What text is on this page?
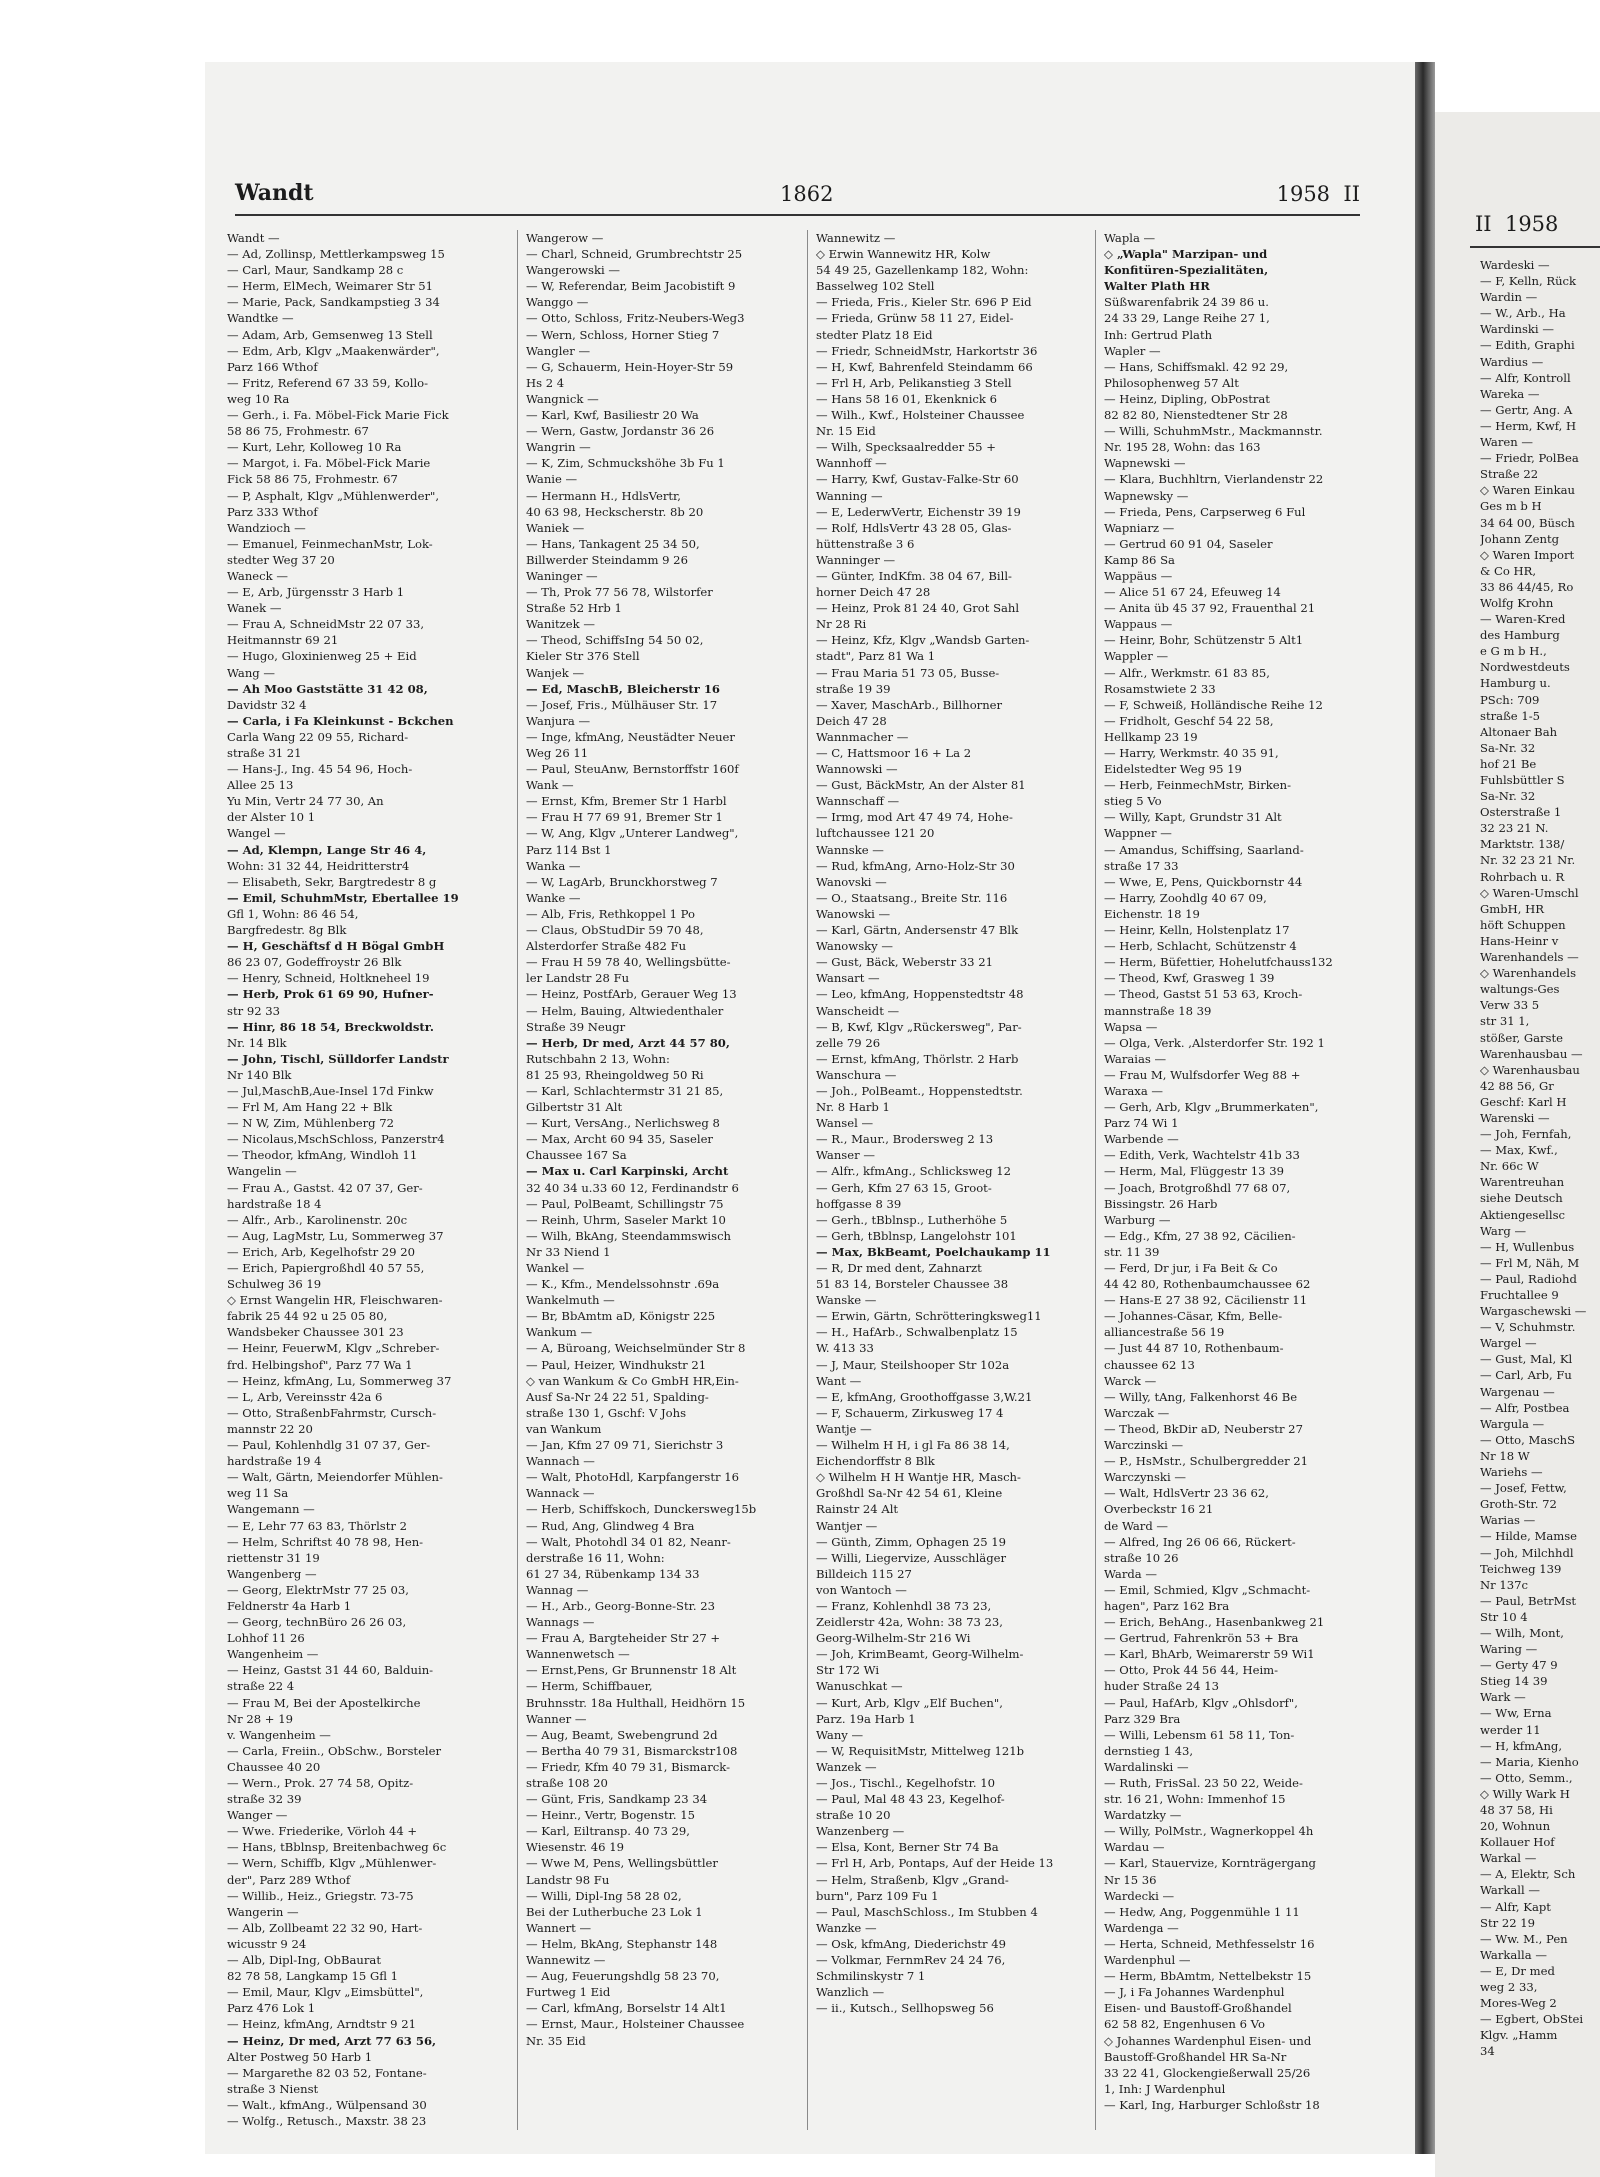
Wandt	1862	1958 II
Wandt —
— Ad, Zollinsp, Mettlerkampsweg 15
— Carl, Maur, Sandkamp 28 c
— Herm, ElMech, Weimarer Str 51
— Marie, Pack, Sandkampstieg 3 34
Wandtke —
— Adam, Arb, Gemsenweg 13 Stell
— Edm, Arb, Klgv „Maakenwärder",
Parz 166 Wthof
— Fritz, Referend 67 33 59, Kollo-
weg 10 Ra
— Gerh., i. Fa. Möbel-Fick Marie Fick
58 86 75, Frohmestr. 67
— Kurt, Lehr, Kolloweg 10 Ra
— Margot, i. Fa. Möbel-Fick Marie
Fick 58 86 75, Frohmestr. 67
— P, Asphalt, Klgv „Mühlenwerder",
Parz 333 Wthof
Wandzioch —
— Emanuel, FeinmechanMstr, Lok-
stedter Weg 37 20
Waneck —
— E, Arb, Jürgensstr 3 Harb 1
Wanek —
— Frau A, SchneidMstr 22 07 33,
Heitmannstr 69 21
— Hugo, Gloxinienweg 25 + Eid
Wang —
— Ah Moo Gaststätte 31 42 08,
Davidstr 32 4
— Carla, i Fa Kleinkunst - Bckchen
Carla Wang 22 09 55, Richard-
straße 31 21
— Hans-J., Ing. 45 54 96, Hoch-
Allee 25 13
Yu Min, Vertr 24 77 30, An
der Alster 10 1
Wangel —
— Ad, Klempn, Lange Str 46 4,
Wohn: 31 32 44, Heidritterstr4
— Elisabeth, Sekr, Bargtredestr 8 g
— Emil, SchuhmMstr, Ebertallee 19
Gfl 1, Wohn: 86 46 54,
Bargfredestr. 8g Blk
— H, Geschäftsf d H Bögal GmbH
86 23 07, Godeffroystr 26 Blk
— Henry, Schneid, Holtkneheel 19
— Herb, Prok 61 69 90, Hufner-
str 92 33
— Hinr, 86 18 54, Breckwoldstr.
Nr. 14 Blk
— John, Tischl, Sülldorfer Landstr
Nr 140 Blk
— Jul,MaschB,Aue-Insel 17d Finkw
— Frl M, Am Hang 22 + Blk
— N W, Zim, Mühlenberg 72
— Nicolaus,MschSchloss, Panzerstr4
— Theodor, kfmAng, Windloh 11
Wangelin —
— Frau A., Gastst. 42 07 37, Ger-
hardstraße 18 4
— Alfr., Arb., Karolinenstr. 20c
— Aug, LagMstr, Lu, Sommerweg 37
— Erich, Arb, Kegelhofstr 29 20
— Erich, Papiergroßhdl 40 57 55,
Schulweg 36 19
◇ Ernst Wangelin HR, Fleischwaren-
fabrik 25 44 92 u 25 05 80,
Wandsbeker Chaussee 301 23
— Heinr, FeuerwM, Klgv „Schreber-
frd. Helbingshof", Parz 77 Wa 1
— Heinz, kfmAng, Lu, Sommerweg 37
— L, Arb, Vereinsstr 42a 6
— Otto, StraßenbFahrmstr, Cursch-
mannstr 22 20
— Paul, Kohlenhdlg 31 07 37, Ger-
hardstraße 19 4
— Walt, Gärtn, Meiendorfer Mühlen-
weg 11 Sa
Wangemann —
— E, Lehr 77 63 83, Thörlstr 2
— Helm, Schriftst 40 78 98, Hen-
riettenstr 31 19
Wangenberg —
— Georg, ElektrMstr 77 25 03,
Feldnerstr 4a Harb 1
— Georg, technBüro 26 26 03,
Lohhof 11 26
Wangenheim —
— Heinz, Gastst 31 44 60, Balduin-
straße 22 4
— Frau M, Bei der Apostelkirche
Nr 28 + 19
v. Wangenheim —
— Carla, Freiin., ObSchw., Borsteler
Chaussee 40 20
— Wern., Prok. 27 74 58, Opitz-
straße 32 39
Wanger —
— Wwe. Friederike, Vörloh 44 +
— Hans, tBblnsp, Breitenbachweg 6c
— Wern, Schiffb, Klgv „Mühlenwer-
der", Parz 289 Wthof
— Willib., Heiz., Griegstr. 73-75
Wangerin —
— Alb, Zollbeamt 22 32 90, Hart-
wicusstr 9 24
— Alb, Dipl-Ing, ObBaurat
82 78 58, Langkamp 15 Gfl 1
— Emil, Maur, Klgv „Eimsbüttel",
Parz 476 Lok 1
— Heinz, kfmAng, Arndtstr 9 21
— Heinz, Dr med, Arzt 77 63 56,
Alter Postweg 50 Harb 1
— Margarethe 82 03 52, Fontane-
straße 3 Nienst
— Walt., kfmAng., Wülpensand 30
— Wolfg., Retusch., Maxstr. 38 23
Wangerow —
— Charl, Schneid, Grumbrechtstr 25
Wangerowski —
— W, Referendar, Beim Jacobistift 9
Wanggo —
— Otto, Schloss, Fritz-Neubers-Weg3
— Wern, Schloss, Horner Stieg 7
Wangler —
— G, Schauerm, Hein-Hoyer-Str 59
Hs 2 4
Wangnick —
— Karl, Kwf, Basiliestr 20 Wa
— Wern, Gastw, Jordanstr 36 26
Wangrin —
— K, Zim, Schmuckshöhe 3b Fu 1
Wanie —
— Hermann H., HdlsVertr,
40 63 98, Heckscherstr. 8b 20
Waniek —
— Hans, Tankagent 25 34 50,
Billwerder Steindamm 9 26
Waninger —
— Th, Prok 77 56 78, Wilstorfer
Straße 52 Hrb 1
Wanitzek —
— Theod, SchiffsIng 54 50 02,
Kieler Str 376 Stell
Wanjek —
— Ed, MaschB, Bleicherstr 16
— Josef, Fris., Mülhäuser Str. 17
Wanjura —
— Inge, kfmAng, Neustädter Neuer
Weg 26 11
— Paul, SteuAnw, Bernstorffstr 160f
Wank —
— Ernst, Kfm, Bremer Str 1 Harbl
— Frau H 77 69 91, Bremer Str 1
— W, Ang, Klgv „Unterer Landweg",
Parz 114 Bst 1
Wanka —
— W, LagArb, Brunckhorstweg 7
Wanke —
— Alb, Fris, Rethkoppel 1 Po
— Claus, ObStudDir 59 70 48,
Alsterdorfer Straße 482 Fu
— Frau H 59 78 40, Wellingsbütte-
ler Landstr 28 Fu
— Heinz, PostfArb, Gerauer Weg 13
— Helm, Bauing, Altwiedenthaler
Straße 39 Neugr
— Herb, Dr med, Arzt 44 57 80,
Rutschbahn 2 13, Wohn:
81 25 93, Rheingoldweg 50 Ri
— Karl, Schlachtermstr 31 21 85,
Gilbertstr 31 Alt
— Kurt, VersAng., Nerlichsweg 8
— Max, Archt 60 94 35, Saseler
Chaussee 167 Sa
— Max u. Carl Karpinski, Archt
32 40 34 u.33 60 12, Ferdinandstr 6
— Paul, PolBeamt, Schillingstr 75
— Reinh, Uhrm, Saseler Markt 10
— Wilh, BkAng, Steendammswisch
Nr 33 Niend 1
Wankel —
— K., Kfm., Mendelssohnstr .69a
Wankelmuth —
— Br, BbAmtm aD, Königstr 225
Wankum —
— A, Büroang, Weichselmünder Str 8
— Paul, Heizer, Windhukstr 21
◇ van Wankum & Co GmbH HR,Ein-
Ausf Sa-Nr 24 22 51, Spalding-
straße 130 1, Gschf: V Johs
van Wankum
— Jan, Kfm 27 09 71, Sierichstr 3
Wannach —
— Walt, PhotoHdl, Karpfangerstr 16
Wannack —
— Herb, Schiffskoch, Dunckersweg15b
— Rud, Ang, Glindweg 4 Bra
— Walt, Photohdl 34 01 82, Neanr-
derstraße 16 11, Wohn:
61 27 34, Rübenkamp 134 33
Wannag —
— H., Arb., Georg-Bonne-Str. 23
Wannags —
— Frau A, Bargteheider Str 27 +
Wannenwetsch —
— Ernst,Pens, Gr Brunnenstr 18 Alt
— Herm, Schiffbauer,
Bruhnsstr. 18a Hulthall, Heidhörn 15
Wanner —
— Aug, Beamt, Swebengrund 2d
— Bertha 40 79 31, Bismarckstr108
— Friedr, Kfm 40 79 31, Bismarck-
straße 108 20
— Günt, Fris, Sandkamp 23 34
— Heinr., Vertr, Bogenstr. 15
— Karl, Eiltransp. 40 73 29,
Wiesenstr. 46 19
— Wwe M, Pens, Wellingsbüttler
Landstr 98 Fu
— Willi, Dipl-Ing 58 28 02,
Bei der Lutherbuche 23 Lok 1
Wannert —
— Helm, BkAng, Stephanstr 148
Wannewitz —
— Aug, Feuerungshdlg 58 23 70,
Furtweg 1 Eid
— Carl, kfmAng, Borselstr 14 Alt1
— Ernst, Maur., Holsteiner Chaussee
Nr. 35 Eid
Wannewitz —
◇ Erwin Wannewitz HR, Kolw
54 49 25, Gazellenkamp 182, Wohn:
Basselweg 102 Stell
— Frieda, Fris., Kieler Str. 696 P Eid
— Frieda, Grünw 58 11 27, Eidel-
stedter Platz 18 Eid
— Friedr, SchneidMstr, Harkortstr 36
— H, Kwf, Bahrenfeld Steindamm 66
— Frl H, Arb, Pelikanstieg 3 Stell
— Hans 58 16 01, Ekenknick 6
— Wilh., Kwf., Holsteiner Chaussee
Nr. 15 Eid
— Wilh, Specksaalredder 55 +
Wannhoff —
— Harry, Kwf, Gustav-Falke-Str 60
Wanning —
— E, LederwVertr, Eichenstr 39 19
— Rolf, HdlsVertr 43 28 05, Glas-
hüttenstraße 3 6
Wanninger —
— Günter, IndKfm. 38 04 67, Bill-
horner Deich 47 28
— Heinz, Prok 81 24 40, Grot Sahl
Nr 28 Ri
— Heinz, Kfz, Klgv „Wandsb Garten-
stadt", Parz 81 Wa 1
— Frau Maria 51 73 05, Busse-
straße 19 39
— Xaver, MaschArb., Billhorner
Deich 47 28
Wannmacher —
— C, Hattsmoor 16 + La 2
Wannowski —
— Gust, BäckMstr, An der Alster 81
Wannschaff —
— Irmg, mod Art 47 49 74, Hohe-
luftchaussee 121 20
Wannske —
— Rud, kfmAng, Arno-Holz-Str 30
Wanovski —
— O., Staatsang., Breite Str. 116
Wanowski —
— Karl, Gärtn, Andersenstr 47 Blk
Wanowsky —
— Gust, Bäck, Weberstr 33 21
Wansart —
— Leo, kfmAng, Hoppenstedtstr 48
Wanscheidt —
— B, Kwf, Klgv „Rückersweg", Par-
zelle 79 26
— Ernst, kfmAng, Thörlstr. 2 Harb
Wanschura —
— Joh., PolBeamt., Hoppenstedtstr.
Nr. 8 Harb 1
Wansel —
— R., Maur., Brodersweg 2 13
Wanser —
— Alfr., kfmAng., Schlicksweg 12
— Gerh, Kfm 27 63 15, Groot-
hoffgasse 8 39
— Gerh., tBblnsp., Lutherhöhe 5
— Gerh, tBblnsp, Langelohstr 101
— Max, BkBeamt, Poelchaukamp 11
— R, Dr med dent, Zahnarzt
51 83 14, Borsteler Chaussee 38
Wanske —
— Erwin, Gärtn, Schrötteringksweg11
— H., HafArb., Schwalbenplatz 15
W. 413 33
— J, Maur, Steilshooper Str 102a
Want —
— E, kfmAng, Groothoffgasse 3,W.21
— F, Schauerm, Zirkusweg 17 4
Wantje —
— Wilhelm H H, i gl Fa 86 38 14,
Eichendorffstr 8 Blk
◇ Wilhelm H H Wantje HR, Masch-
Großhdl Sa-Nr 42 54 61, Kleine
Rainstr 24 Alt
Wantjer —
— Günth, Zimm, Ophagen 25 19
— Willi, Liegervize, Ausschläger
Billdeich 115 27
von Wantoch —
— Franz, Kohlenhdl 38 73 23,
Zeidlerstr 42a, Wohn: 38 73 23,
Georg-Wilhelm-Str 216 Wi
— Joh, KrimBeamt, Georg-Wilhelm-
Str 172 Wi
Wanuschkat —
— Kurt, Arb, Klgv „Elf Buchen",
Parz. 19a Harb 1
Wany —
— W, RequisitMstr, Mittelweg 121b
Wanzek —
— Jos., Tischl., Kegelhofstr. 10
— Paul, Mal 48 43 23, Kegelhof-
straße 10 20
Wanzenberg —
— Elsa, Kont, Berner Str 74 Ba
— Frl H, Arb, Pontaps, Auf der Heide 13
— Helm, Straßenb, Klgv „Grand-
burn", Parz 109 Fu 1
— Paul, MaschSchloss., Im Stubben 4
Wanzke —
— Osk, kfmAng, Diederichstr 49
— Volkmar, FernmRev 24 24 76,
Schmilinskystr 7 1
Wanzlich —
— ii., Kutsch., Sellhopsweg 56
Wapla —
◇ „Wapla" Marzipan- und
Konfitüren-Spezialitäten,
Walter Plath HR
Süßwarenfabrik 24 39 86 u.
24 33 29, Lange Reihe 27 1,
Inh: Gertrud Plath
Wapler —
— Hans, Schiffsmakl. 42 92 29,
Philosophenweg 57 Alt
— Heinz, Dipling, ObPostrat
82 82 80, Nienstedtener Str 28
— Willi, SchuhmMstr., Mackmannstr.
Nr. 195 28, Wohn: das 163
Wapnewski —
— Klara, Buchhltrn, Vierlandenstr 22
Wapnewsky —
— Frieda, Pens, Carpserweg 6 Ful
Wapniarz —
— Gertrud 60 91 04, Saseler
Kamp 86 Sa
Wappäus —
— Alice 51 67 24, Efeuweg 14
— Anita üb 45 37 92, Frauenthal 21
Wappaus —
— Heinr, Bohr, Schützenstr 5 Alt1
Wappler —
— Alfr., Werkmstr. 61 83 85,
Rosamstwiete 2 33
— F, Schweiß, Holländische Reihe 12
— Fridholt, Geschf 54 22 58,
Hellkamp 23 19
— Harry, Werkmstr. 40 35 91,
Eidelstedter Weg 95 19
— Herb, FeinmechMstr, Birken-
stieg 5 Vo
— Willy, Kapt, Grundstr 31 Alt
Wappner —
— Amandus, Schiffsing, Saarland-
straße 17 33
— Wwe, E, Pens, Quickbornstr 44
— Harry, Zoohdlg 40 67 09,
Eichenstr. 18 19
— Heinr, Kelln, Holstenplatz 17
— Herb, Schlacht, Schützenstr 4
— Herm, Büfettier, Hohelutfchauss132
— Theod, Kwf, Grasweg 1 39
— Theod, Gastst 51 53 63, Kroch-
mannstraße 18 39
Wapsa —
— Olga, Verk. ,Alsterdorfer Str. 192 1
Waraias —
— Frau M, Wulfsdorfer Weg 88 +
Waraxa —
— Gerh, Arb, Klgv „Brummerkaten",
Parz 74 Wi 1
Warbende —
— Edith, Verk, Wachtelstr 41b 33
— Herm, Mal, Flüggestr 13 39
— Joach, Brotgroßhdl 77 68 07,
Bissingstr. 26 Harb
Warburg —
— Edg., Kfm, 27 38 92, Cäcilien-
str. 11 39
— Ferd, Dr jur, i Fa Beit & Co
44 42 80, Rothenbaumchaussee 62
— Hans-E 27 38 92, Cäcilienstr 11
— Johannes-Cäsar, Kfm, Belle-
alliancestraße 56 19
— Just 44 87 10, Rothenbaum-
chaussee 62 13
Warck —
— Willy, tAng, Falkenhorst 46 Be
Warczak —
— Theod, BkDir aD, Neuberstr 27
Warczinski —
— P., HsMstr., Schulbergredder 21
Warczynski —
— Walt, HdlsVertr 23 36 62,
Overbeckstr 16 21
de Ward —
— Alfred, Ing 26 06 66, Rückert-
straße 10 26
Warda —
— Emil, Schmied, Klgv „Schmacht-
hagen", Parz 162 Bra
— Erich, BehAng., Hasenbankweg 21
— Gertrud, Fahrenkrön 53 + Bra
— Karl, BhArb, Weimarerstr 59 Wi1
— Otto, Prok 44 56 44, Heim-
huder Straße 24 13
— Paul, HafArb, Klgv „Ohlsdorf",
Parz 329 Bra
— Willi, Lebensm 61 58 11, Ton-
dernstieg 1 43,
Wardalinski —
— Ruth, FrisSal. 23 50 22, Weide-
str. 16 21, Wohn: Immenhof 15
Wardatzky —
— Willy, PolMstr., Wagnerkoppel 4h
Wardau —
— Karl, Stauervize, Kornträgergang
Nr 15 36
Wardecki —
— Hedw, Ang, Poggenmühle 1 11
Wardenga —
— Herta, Schneid, Methfesselstr 16
Wardenphul —
— Herm, BbAmtm, Nettelbekstr 15
— J, i Fa Johannes Wardenphul
Eisen- und Baustoff-Großhandel
62 58 82, Engenhusen 6 Vo
◇ Johannes Wardenphul Eisen- und
Baustoff-Großhandel HR Sa-Nr
33 22 41, Glockengießerwall 25/26
1, Inh: J Wardenphul
— Karl, Ing, Harburger Schloßstr 18
II 1958
Wardeski —
— F, Kelln, Rück
Wardin —
— W., Arb., Ha
Wardinski —
— Edith, Graphi
Wardius —
— Alfr, Kontroll
Wareka —
— Gertr, Ang. A
— Herm, Kwf, H
Waren —
— Friedr, PolBea
Straße 22
◇ Waren Einkau
Ges m b H
34 64 00, Büsch
Johann Zentg
◇ Waren Import
& Co HR,
33 86 44/45, Ro
Wolfg Krohn
— Waren-Kred
des Hamburg
e G m b H.,
Nordwestdeuts
Hamburg u.
PSch: 709
straße 1-5
Altonaer Bah
Sa-Nr. 32
hof 21 Be
Fuhlsbüttler S
Sa-Nr. 32
Osterstraße 1
32 23 21 N.
Marktstr. 138/
Nr. 32 23 21 Nr.
Rohrbach u. R
◇ Waren-Umschl
GmbH, HR
höft Schuppen
Hans-Heinr v
Warenhandels —
◇ Warenhandels
waltungs-Ges
Verw 33 5
str 31 1,
stößer, Garste
Warenhausbau —
◇ Warenhausbau
42 88 56, Gr
Geschf: Karl H
Warenski —
— Joh, Fernfah,
— Max, Kwf.,
Nr. 66c W
Warentreuhan
siehe Deutsch
Aktiengesellsc
Warg —
— H, Wullenbus
— Frl M, Näh, M
— Paul, Radiohd
Fruchtallee 9
Wargaschewski —
— V, Schuhmstr.
Wargel —
— Gust, Mal, Kl
— Carl, Arb, Fu
Wargenau —
— Alfr, Postbea
Wargula —
— Otto, MaschS
Nr 18 W
Wariehs —
— Josef, Fettw,
Groth-Str. 72
Warias —
— Hilde, Mamse
— Joh, Milchhdl
Teichweg 139
Nr 137c
— Paul, BetrMst
Str 10 4
— Wilh, Mont,
Waring —
— Gerty 47 9
Stieg 14 39
Wark —
— Ww, Erna
werder 11
— H, kfmAng,
— Maria, Kienho
— Otto, Semm.,
◇ Willy Wark H
48 37 58, Hi
20, Wohnun
Kollauer Hof
Warkal —
— A, Elektr, Sch
Warkall —
— Alfr, Kapt
Str 22 19
— Ww. M., Pen
Warkalla —
— E, Dr med
weg 2 33,
Mores-Weg 2
— Egbert, ObStei
Klgv. „Hamm
34
